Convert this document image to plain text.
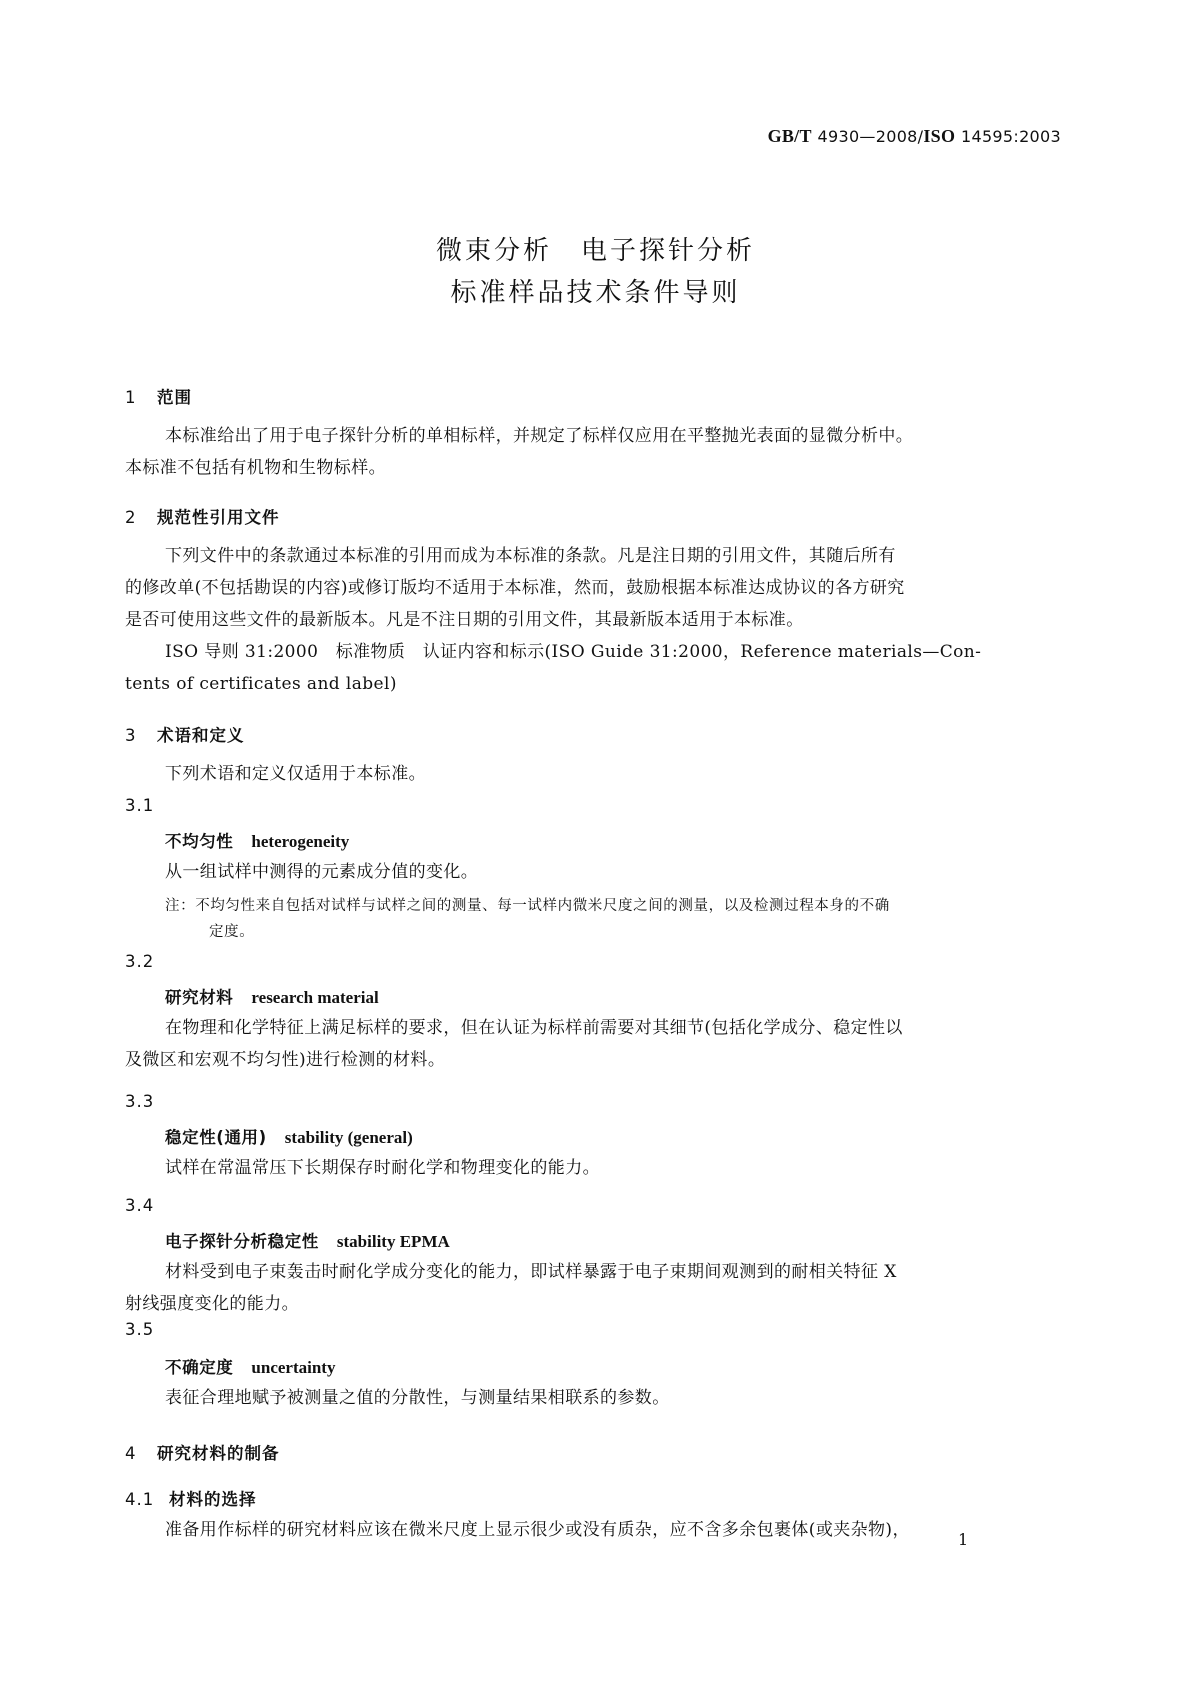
GB/T 4930—2008/ISO 14595:2003
微束分析　电子探针分析
标准样品技术条件导则
1 范围
本标准给出了用于电子探针分析的单相标样，并规定了标样仅应用在平整抛光表面的显微分析中。
本标准不包括有机物和生物标样。
2 规范性引用文件
下列文件中的条款通过本标准的引用而成为本标准的条款。凡是注日期的引用文件，其随后所有
的修改单(不包括勘误的内容)或修订版均不适用于本标准，然而，鼓励根据本标准达成协议的各方研究
是否可使用这些文件的最新版本。凡是不注日期的引用文件，其最新版本适用于本标准。
ISO 导则 31:2000　标准物质　认证内容和标示(ISO Guide 31:2000，Reference materials—Con-
tents of certificates and label)
3 术语和定义
下列术语和定义仅适用于本标准。
3.1
不均匀性 heterogeneity
从一组试样中测得的元素成分值的变化。
注：不均匀性来自包括对试样与试样之间的测量、每一试样内微米尺度之间的测量，以及检测过程本身的不确
定度。
3.2
研究材料 research material
在物理和化学特征上满足标样的要求，但在认证为标样前需要对其细节(包括化学成分、稳定性以
及微区和宏观不均匀性)进行检测的材料。
3.3
稳定性(通用) stability (general)
试样在常温常压下长期保存时耐化学和物理变化的能力。
3.4
电子探针分析稳定性 stability EPMA
材料受到电子束轰击时耐化学成分变化的能力，即试样暴露于电子束期间观测到的耐相关特征 X
射线强度变化的能力。
3.5
不确定度 uncertainty
表征合理地赋予被测量之值的分散性，与测量结果相联系的参数。
4 研究材料的制备
4.1 材料的选择
准备用作标样的研究材料应该在微米尺度上显示很少或没有质杂，应不含多余包裹体(或夹杂物)，	1
